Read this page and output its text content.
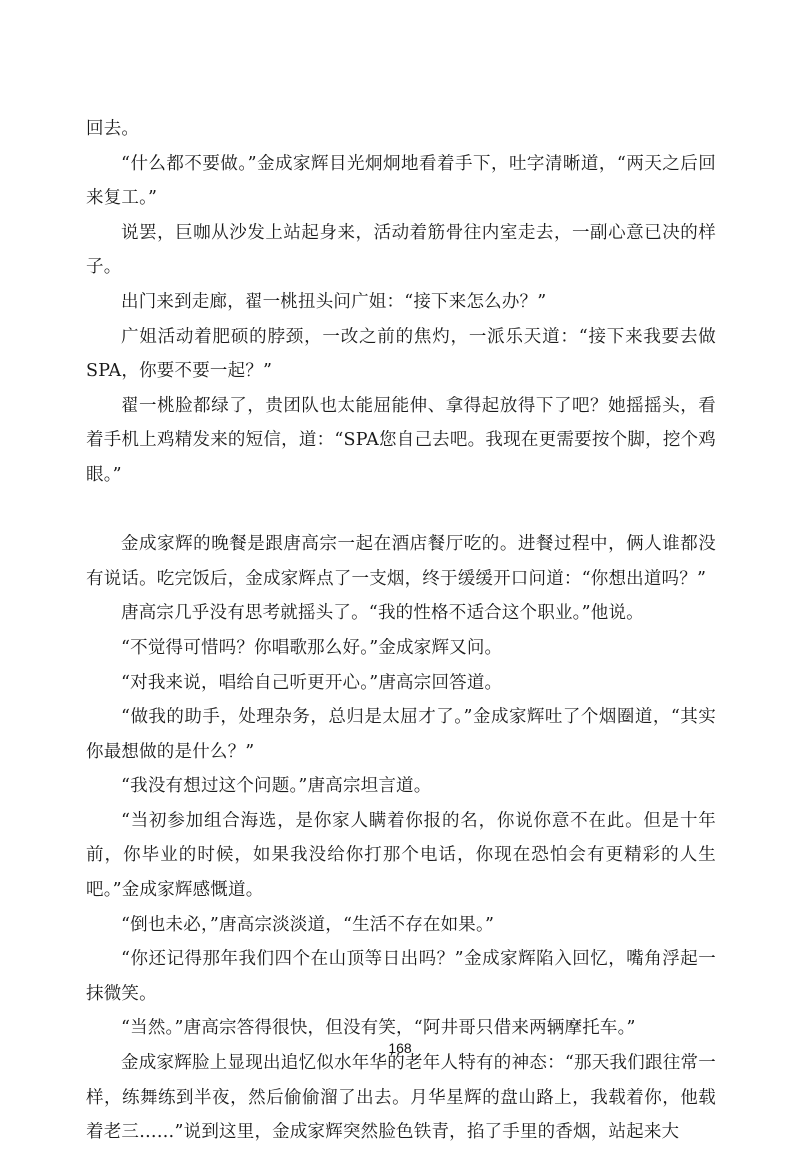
回去。

“什么都不要做。”金成家辉目光炯炯地看着手下，吐字清晰道，“两天之后回来复工。”

说罢，巨咖从沙发上站起身来，活动着筋骨往内室走去，一副心意已决的样子。

出门来到走廊，翟一桃扭头问广姐：“接下来怎么办？”

广姐活动着肥硕的脖颈，一改之前的焦灼，一派乐天道：“接下来我要去做SPA，你要不要一起？”

翟一桃脸都绿了，贵团队也太能屈能伸、拿得起放得下了吧？她摇摇头，看着手机上鸡精发来的短信，道：“SPA您自己去吧。我现在更需要按个脚，挖个鸡眼。”

金成家辉的晚餐是跟唐高宗一起在酒店餐厅吃的。进餐过程中，俩人谁都没有说话。吃完饭后，金成家辉点了一支烟，终于缓缓开口问道：“你想出道吗？”

唐高宗几乎没有思考就摇头了。“我的性格不适合这个职业。”他说。

“不觉得可惜吗？你唱歌那么好。”金成家辉又问。

“对我来说，唱给自己听更开心。”唐高宗回答道。

“做我的助手，处理杂务，总归是太屈才了。”金成家辉吐了个烟圈道，“其实你最想做的是什么？”

“我没有想过这个问题。”唐高宗坦言道。

“当初参加组合海选，是你家人瞒着你报的名，你说你意不在此。但是十年前，你毕业的时候，如果我没给你打那个电话，你现在恐怕会有更精彩的人生吧。”金成家辉感慨道。

“倒也未必，”唐高宗淡淡道，“生活不存在如果。”

“你还记得那年我们四个在山顶等日出吗？”金成家辉陷入回忆，嘴角浮起一抹微笑。

“当然。”唐高宗答得很快，但没有笑，“阿井哥只借来两辆摩托车。”

金成家辉脸上显现出追忆似水年华的老年人特有的神态：“那天我们跟往常一样，练舞练到半夜，然后偷偷溜了出去。月华星辉的盘山路上，我载着你，他载着老三……”说到这里，金成家辉突然脸色铁青，掐了手里的香烟，站起来大

168
